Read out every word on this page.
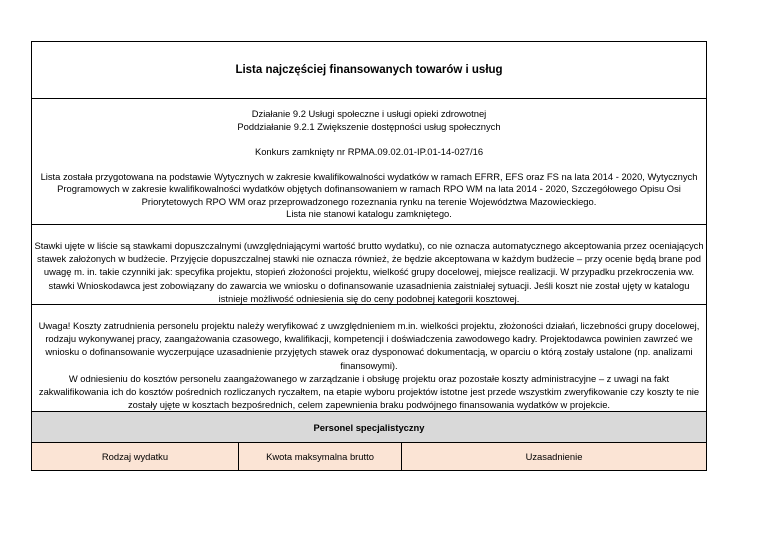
Lista najczęściej finansowanych towarów i usług
Działanie 9.2 Usługi społeczne i usługi opieki zdrowotnej
Poddziałanie 9.2.1 Zwiększenie dostępności usług społecznych
Konkurs zamknięty nr RPMA.09.02.01-IP.01-14-027/16
Lista została przygotowana na podstawie Wytycznych w zakresie kwalifikowalności wydatków w ramach EFRR, EFS oraz FS na lata 2014 - 2020, Wytycznych
Programowych w zakresie kwalifikowalności wydatków objętych dofinansowaniem w ramach RPO WM na lata 2014 - 2020, Szczegółowego Opisu Osi
Priorytetowych RPO WM oraz przeprowadzonego rozeznania rynku na terenie Województwa Mazowieckiego.
Lista nie stanowi katalogu zamkniętego.
Stawki ujęte w liście są stawkami dopuszczalnymi (uwzględniającymi wartość brutto wydatku), co nie oznacza automatycznego akceptowania przez oceniających
stawek założonych w budżecie. Przyjęcie dopuszczalnej stawki nie oznacza również, że będzie akceptowana w każdym budżecie – przy ocenie będą brane pod
uwagę m. in. takie czynniki jak: specyfika projektu, stopień złożoności projektu, wielkość grupy docelowej, miejsce realizacji. W przypadku przekroczenia ww.
stawki Wnioskodawca jest zobowiązany do zawarcia we wniosku o dofinansowanie uzasadnienia zaistniałej sytuacji. Jeśli koszt nie został ujęty w katalogu
istnieje możliwość odniesienia się do ceny podobnej kategorii kosztowej.
Uwaga! Koszty zatrudnienia personelu projektu należy weryfikować z uwzględnieniem m.in. wielkości projektu, złożoności działań, liczebności grupy docelowej,
rodzaju wykonywanej pracy, zaangażowania czasowego, kwalifikacji, kompetencji i doświadczenia zawodowego kadry. Projektodawca powinien zawrzeć we
wniosku o dofinansowanie wyczerpujące uzasadnienie przyjętych stawek oraz dysponować dokumentacją, w oparciu o którą zostały ustalone (np. analizami
finansowymi).
W odniesieniu do kosztów personelu zaangażowanego w zarządzanie i obsługę projektu oraz pozostałe koszty administracyjne – z uwagi na fakt
zakwalifikowania ich do kosztów pośrednich rozliczanych ryczałtem, na etapie wyboru projektów istotne jest przede wszystkim zweryfikowanie czy koszty te nie
zostały ujęte w kosztach bezpośrednich, celem zapewnienia braku podwójnego finansowania wydatków w projekcie.
Personel specjalistyczny
Rodzaj wydatku	Kwota maksymalna brutto	Uzasadnienie
